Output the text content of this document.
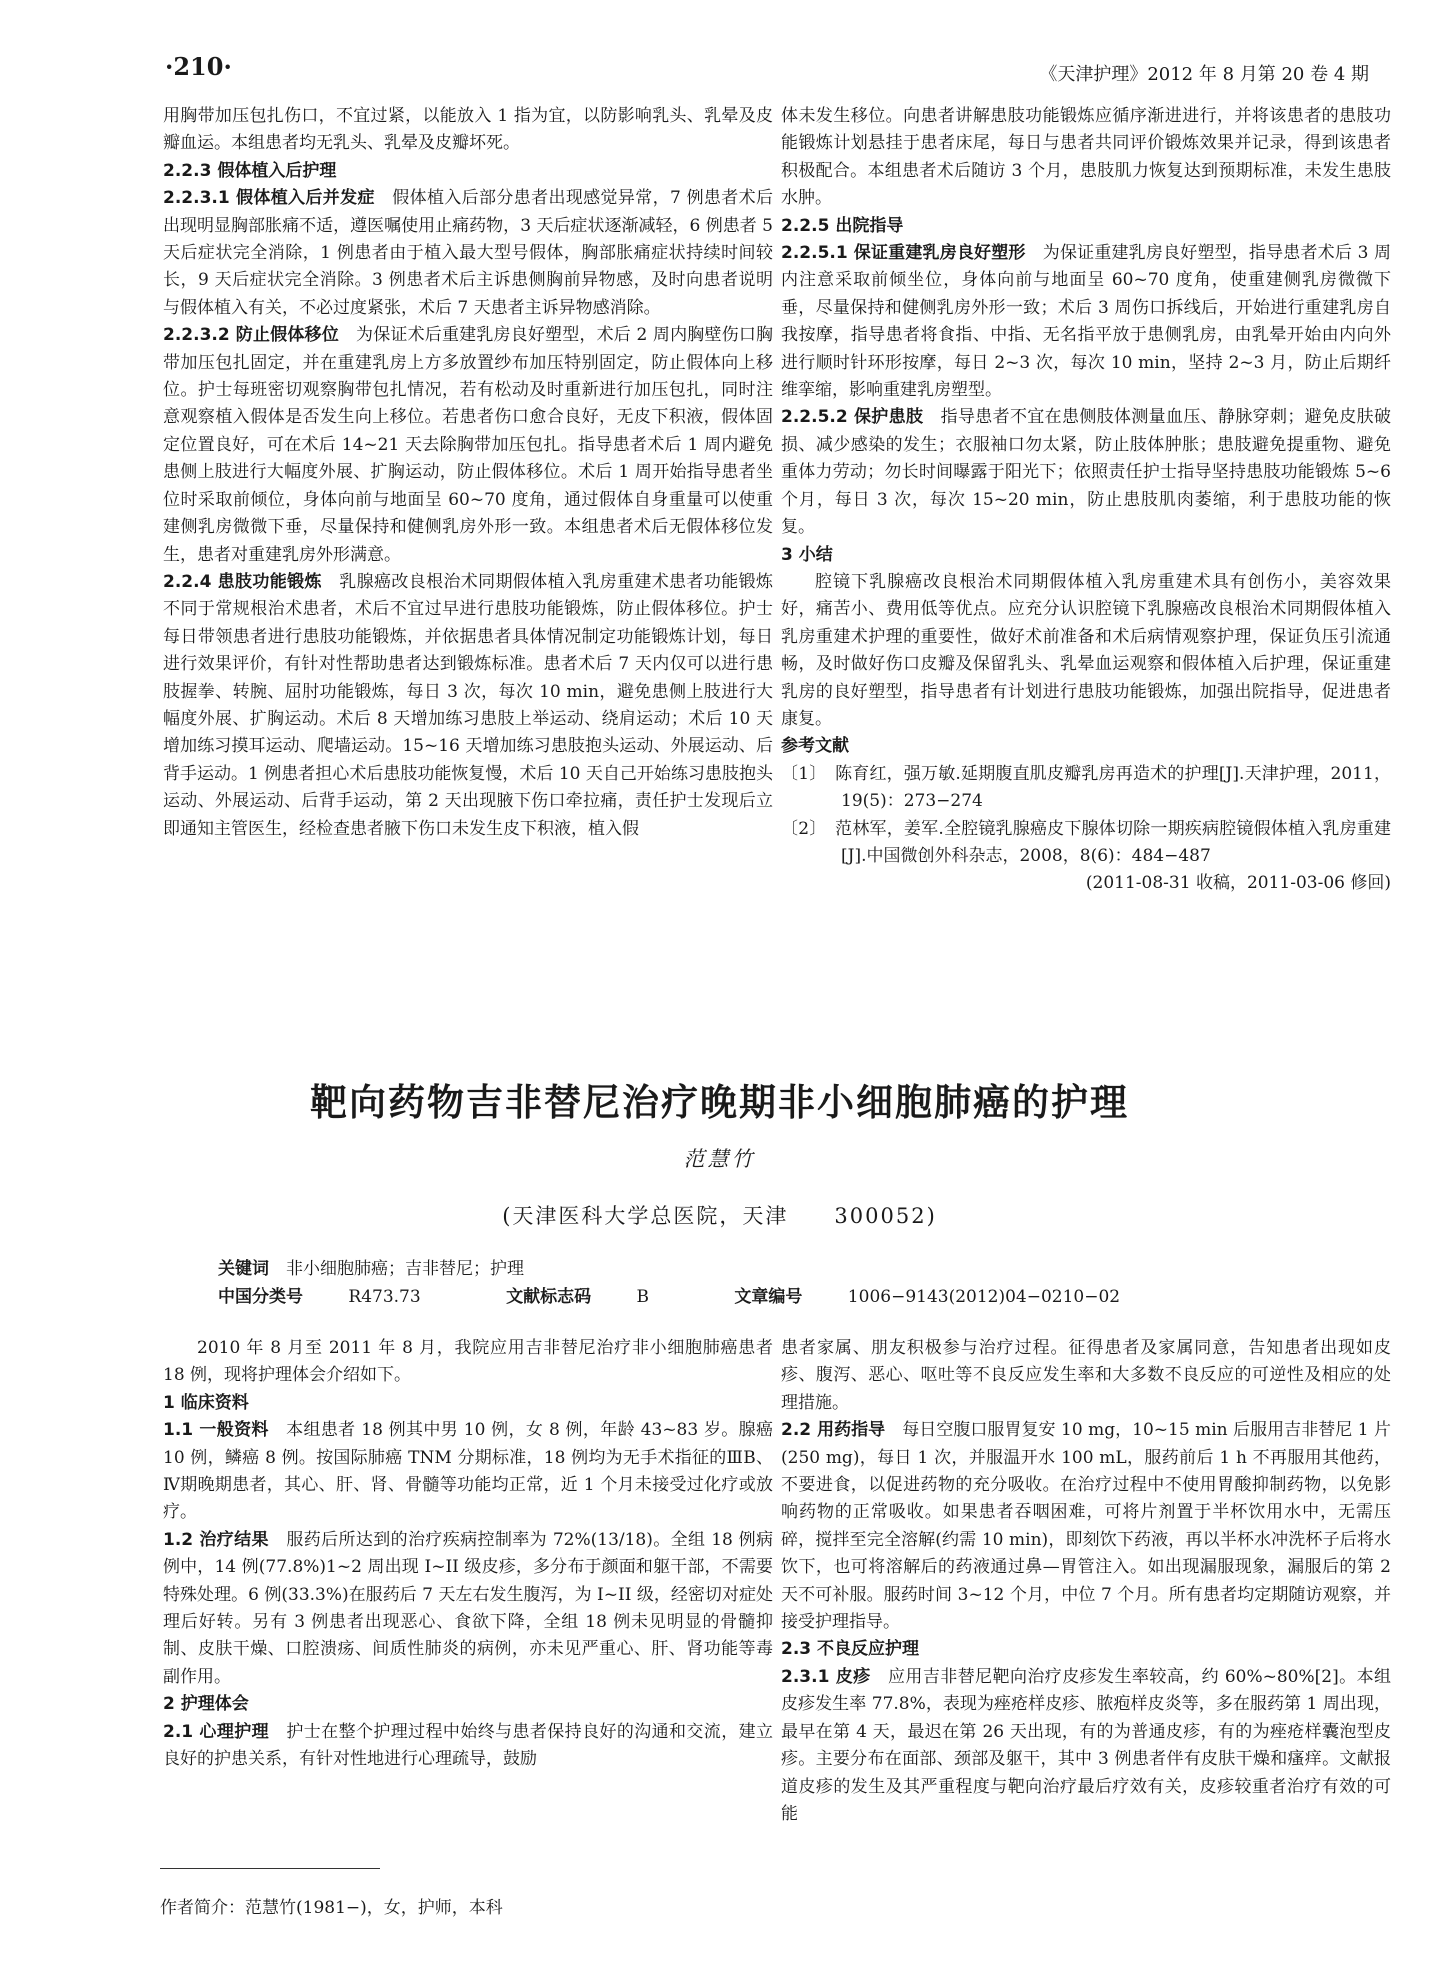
·210·	《天津护理》2012 年 8 月第 20 卷 4 期

用胸带加压包扎伤口，不宜过紧，以能放入 1 指为宜，以防影响乳头、乳晕及皮瓣血运。本组患者均无乳头、乳晕及皮瓣坏死。

2.2.3 假体植入后护理

2.2.3.1 假体植入后并发症　假体植入后部分患者出现感觉异常，7 例患者术后出现明显胸部胀痛不适，遵医嘱使用止痛药物，3 天后症状逐渐减轻，6 例患者 5 天后症状完全消除，1 例患者由于植入最大型号假体，胸部胀痛症状持续时间较长，9 天后症状完全消除。3 例患者术后主诉患侧胸前异物感，及时向患者说明与假体植入有关，不必过度紧张，术后 7 天患者主诉异物感消除。

2.2.3.2 防止假体移位　为保证术后重建乳房良好塑型，术后 2 周内胸壁伤口胸带加压包扎固定，并在重建乳房上方多放置纱布加压特别固定，防止假体向上移位。护士每班密切观察胸带包扎情况，若有松动及时重新进行加压包扎，同时注意观察植入假体是否发生向上移位。若患者伤口愈合良好，无皮下积液，假体固定位置良好，可在术后 14~21 天去除胸带加压包扎。指导患者术后 1 周内避免患侧上肢进行大幅度外展、扩胸运动，防止假体移位。术后 1 周开始指导患者坐位时采取前倾位，身体向前与地面呈 60~70 度角，通过假体自身重量可以使重建侧乳房微微下垂，尽量保持和健侧乳房外形一致。本组患者术后无假体移位发生，患者对重建乳房外形满意。

2.2.4 患肢功能锻炼　乳腺癌改良根治术同期假体植入乳房重建术患者功能锻炼不同于常规根治术患者，术后不宜过早进行患肢功能锻炼，防止假体移位。护士每日带领患者进行患肢功能锻炼，并依据患者具体情况制定功能锻炼计划，每日进行效果评价，有针对性帮助患者达到锻炼标准。患者术后 7 天内仅可以进行患肢握拳、转腕、屈肘功能锻炼，每日 3 次，每次 10 min，避免患侧上肢进行大幅度外展、扩胸运动。术后 8 天增加练习患肢上举运动、绕肩运动；术后 10 天增加练习摸耳运动、爬墙运动。15~16 天增加练习患肢抱头运动、外展运动、后背手运动。1 例患者担心术后患肢功能恢复慢，术后 10 天自己开始练习患肢抱头运动、外展运动、后背手运动，第 2 天出现腋下伤口牵拉痛，责任护士发现后立即通知主管医生，经检查患者腋下伤口未发生皮下积液，植入假

体未发生移位。向患者讲解患肢功能锻炼应循序渐进进行，并将该患者的患肢功能锻炼计划悬挂于患者床尾，每日与患者共同评价锻炼效果并记录，得到该患者积极配合。本组患者术后随访 3 个月，患肢肌力恢复达到预期标准，未发生患肢水肿。

2.2.5 出院指导

2.2.5.1 保证重建乳房良好塑形　为保证重建乳房良好塑型，指导患者术后 3 周内注意采取前倾坐位，身体向前与地面呈 60~70 度角，使重建侧乳房微微下垂，尽量保持和健侧乳房外形一致；术后 3 周伤口拆线后，开始进行重建乳房自我按摩，指导患者将食指、中指、无名指平放于患侧乳房，由乳晕开始由内向外进行顺时针环形按摩，每日 2~3 次，每次 10 min，坚持 2~3 月，防止后期纤维挛缩，影响重建乳房塑型。

2.2.5.2 保护患肢　指导患者不宜在患侧肢体测量血压、静脉穿刺；避免皮肤破损、减少感染的发生；衣服袖口勿太紧，防止肢体肿胀；患肢避免提重物、避免重体力劳动；勿长时间曝露于阳光下；依照责任护士指导坚持患肢功能锻炼 5~6 个月，每日 3 次，每次 15~20 min，防止患肢肌肉萎缩，利于患肢功能的恢复。

3 小结

腔镜下乳腺癌改良根治术同期假体植入乳房重建术具有创伤小，美容效果好，痛苦小、费用低等优点。应充分认识腔镜下乳腺癌改良根治术同期假体植入乳房重建术护理的重要性，做好术前准备和术后病情观察护理，保证负压引流通畅，及时做好伤口皮瓣及保留乳头、乳晕血运观察和假体植入后护理，保证重建乳房的良好塑型，指导患者有计划进行患肢功能锻炼，加强出院指导，促进患者康复。

参考文献

〔1〕　陈育红，强万敏.延期腹直肌皮瓣乳房再造术的护理[J].天津护理，2011，19(5)：273−274

〔2〕　范林军，姜军.全腔镜乳腺癌皮下腺体切除一期疾病腔镜假体植入乳房重建[J].中国微创外科杂志，2008，8(6)：484−487

(2011-08-31 收稿，2011-03-06 修回)

靶向药物吉非替尼治疗晚期非小细胞肺癌的护理
范慧竹
(天津医科大学总医院，天津　　300052)
关键词　非小细胞肺癌；吉非替尼；护理
中国分类号 R473.73	文献标志码 B	文章编号 1006−9143(2012)04−0210−02

2010 年 8 月至 2011 年 8 月，我院应用吉非替尼治疗非小细胞肺癌患者 18 例，现将护理体会介绍如下。

1 临床资料

1.1 一般资料　本组患者 18 例其中男 10 例，女 8 例，年龄 43~83 岁。腺癌 10 例，鳞癌 8 例。按国际肺癌 TNM 分期标准，18 例均为无手术指征的ⅢB、Ⅳ期晚期患者，其心、肝、肾、骨髓等功能均正常，近 1 个月未接受过化疗或放疗。

1.2 治疗结果　服药后所达到的治疗疾病控制率为 72%(13/18)。全组 18 例病例中，14 例(77.8%)1~2 周出现 I~II 级皮疹，多分布于颜面和躯干部，不需要特殊处理。6 例(33.3%)在服药后 7 天左右发生腹泻，为 I~II 级，经密切对症处理后好转。另有 3 例患者出现恶心、食欲下降，全组 18 例未见明显的骨髓抑制、皮肤干燥、口腔溃疡、间质性肺炎的病例，亦未见严重心、肝、肾功能等毒副作用。

2 护理体会

2.1 心理护理　护士在整个护理过程中始终与患者保持良好的沟通和交流，建立良好的护患关系，有针对性地进行心理疏导，鼓励

患者家属、朋友积极参与治疗过程。征得患者及家属同意，告知患者出现如皮疹、腹泻、恶心、呕吐等不良反应发生率和大多数不良反应的可逆性及相应的处理措施。

2.2 用药指导　每日空腹口服胃复安 10 mg，10~15 min 后服用吉非替尼 1 片(250 mg)，每日 1 次，并服温开水 100 mL，服药前后 1 h 不再服用其他药，不要进食，以促进药物的充分吸收。在治疗过程中不使用胃酸抑制药物，以免影响药物的正常吸收。如果患者吞咽困难，可将片剂置于半杯饮用水中，无需压碎，搅拌至完全溶解(约需 10 min)，即刻饮下药液，再以半杯水冲洗杯子后将水饮下，也可将溶解后的药液通过鼻—胃管注入。如出现漏服现象，漏服后的第 2 天不可补服。服药时间 3~12 个月，中位 7 个月。所有患者均定期随访观察，并接受护理指导。

2.3 不良反应护理

2.3.1 皮疹　应用吉非替尼靶向治疗皮疹发生率较高，约 60%~80%[2]。本组皮疹发生率 77.8%，表现为痤疮样皮疹、脓疱样皮炎等，多在服药第 1 周出现，最早在第 4 天，最迟在第 26 天出现，有的为普通皮疹，有的为痤疮样囊泡型皮疹。主要分布在面部、颈部及躯干，其中 3 例患者伴有皮肤干燥和瘙痒。文献报道皮疹的发生及其严重程度与靶向治疗最后疗效有关，皮疹较重者治疗有效的可能

作者简介：范慧竹(1981−)，女，护师，本科
